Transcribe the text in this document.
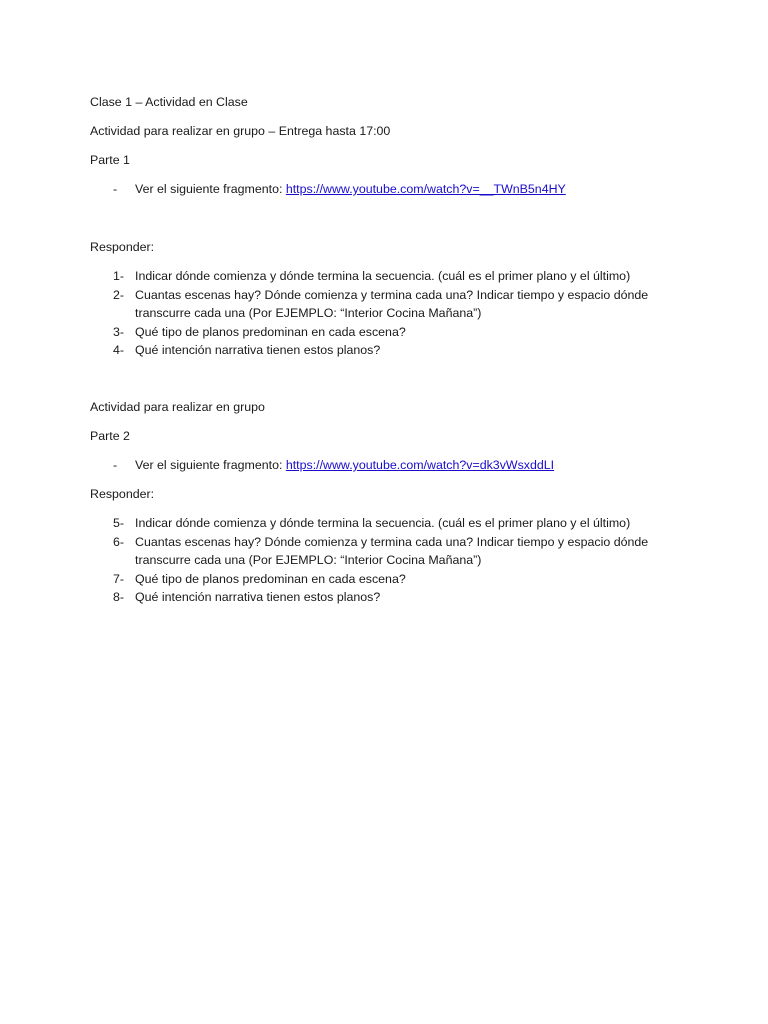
Clase 1 – Actividad en Clase

Actividad para realizar en grupo – Entrega hasta 17:00

Parte 1

- Ver el siguiente fragmento: https://www.youtube.com/watch?v=__TWnB5n4HY

Responder:

1- Indicar dónde comienza y dónde termina la secuencia. (cuál es el primer plano y el último)
2- Cuantas escenas hay? Dónde comienza y termina cada una? Indicar tiempo y espacio dónde transcurre cada una (Por EJEMPLO: “Interior Cocina Mañana”)
3- Qué tipo de planos predominan en cada escena?
4- Qué intención narrativa tienen estos planos?

Actividad para realizar en grupo

Parte 2

- Ver el siguiente fragmento: https://www.youtube.com/watch?v=dk3vWsxddLI

Responder:

5- Indicar dónde comienza y dónde termina la secuencia. (cuál es el primer plano y el último)
6- Cuantas escenas hay? Dónde comienza y termina cada una? Indicar tiempo y espacio dónde transcurre cada una (Por EJEMPLO: “Interior Cocina Mañana”)
7- Qué tipo de planos predominan en cada escena?
8- Qué intención narrativa tienen estos planos?
